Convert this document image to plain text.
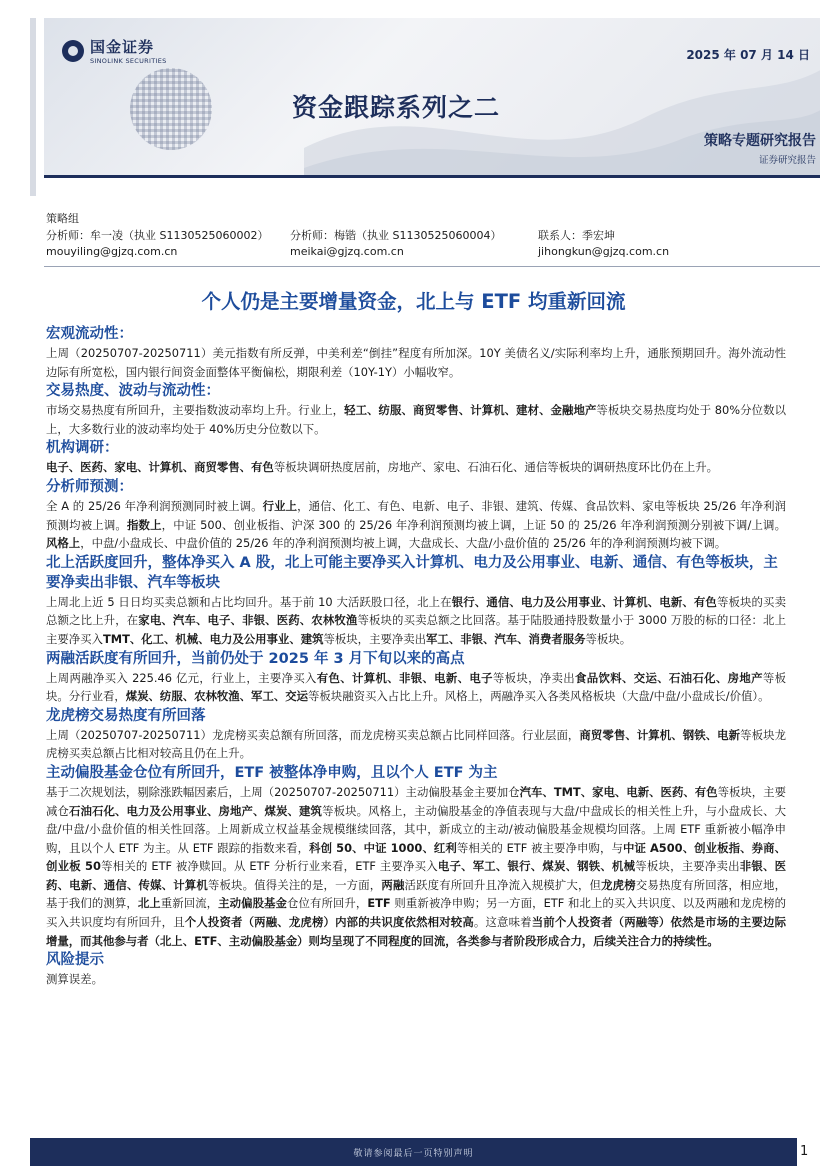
国金证券
SINOLINK SECURITIES	2025 年 07 月 14 日
资金跟踪系列之二
策略专题研究报告
证券研究报告
策略组
分析师：牟一凌（执业 S1130525060002）
mouyiling@gjzq.com.cn
分析师：梅锴（执业 S1130525060004）
meikai@gjzq.com.cn
联系人：季宏坤
jihongkun@gjzq.com.cn
个人仍是主要增量资金，北上与 ETF 均重新回流
宏观流动性：
上周（20250707-20250711）美元指数有所反弹，中美利差“倒挂”程度有所加深。10Y 美债名义/实际利率均上升，通胀预期回升。海外流动性边际有所宽松，国内银行间资金面整体平衡偏松，期限利差（10Y-1Y）小幅收窄。
交易热度、波动与流动性：
市场交易热度有所回升，主要指数波动率均上升。行业上，轻工、纺服、商贸零售、计算机、建材、金融地产等板块交易热度均处于 80%分位数以上，大多数行业的波动率均处于 40%历史分位数以下。
机构调研：
电子、医药、家电、计算机、商贸零售、有色等板块调研热度居前，房地产、家电、石油石化、通信等板块的调研热度环比仍在上升。
分析师预测：
全 A 的 25/26 年净利润预测同时被上调。行业上，通信、化工、有色、电新、电子、非银、建筑、传媒、食品饮料、家电等板块 25/26 年净利润预测均被上调。指数上，中证 500、创业板指、沪深 300 的 25/26 年净利润预测均被上调，上证 50 的 25/26 年净利润预测分别被下调/上调。风格上，中盘/小盘成长、中盘价值的 25/26 年的净利润预测均被上调，大盘成长、大盘/小盘价值的 25/26 年的净利润预测均被下调。
北上活跃度回升，整体净买入 A 股，北上可能主要净买入计算机、电力及公用事业、电新、通信、有色等板块，主要净卖出非银、汽车等板块
上周北上近 5 日日均买卖总额和占比均回升。基于前 10 大活跃股口径，北上在银行、通信、电力及公用事业、计算机、电新、有色等板块的买卖总额之比上升，在家电、汽车、电子、非银、医药、农林牧渔等板块的买卖总额之比回落。基于陆股通持股数量小于 3000 万股的标的口径：北上主要净买入TMT、化工、机械、电力及公用事业、建筑等板块，主要净卖出军工、非银、汽车、消费者服务等板块。
两融活跃度有所回升，当前仍处于 2025 年 3 月下旬以来的高点
上周两融净买入 225.46 亿元，行业上，主要净买入有色、计算机、非银、电新、电子等板块，净卖出食品饮料、交运、石油石化、房地产等板块。分行业看，煤炭、纺服、农林牧渔、军工、交运等板块融资买入占比上升。风格上，两融净买入各类风格板块（大盘/中盘/小盘成长/价值）。
龙虎榜交易热度有所回落
上周（20250707-20250711）龙虎榜买卖总额有所回落，而龙虎榜买卖总额占比同样回落。行业层面，商贸零售、计算机、钢铁、电新等板块龙虎榜买卖总额占比相对较高且仍在上升。
主动偏股基金仓位有所回升，ETF 被整体净申购，且以个人 ETF 为主
基于二次规划法，剔除涨跌幅因素后，上周（20250707-20250711）主动偏股基金主要加仓汽车、TMT、家电、电新、医药、有色等板块，主要减仓石油石化、电力及公用事业、房地产、煤炭、建筑等板块。风格上，主动偏股基金的净值表现与大盘/中盘成长的相关性上升，与小盘成长、大盘/中盘/小盘价值的相关性回落。上周新成立权益基金规模继续回落，其中，新成立的主动/被动偏股基金规模均回落。上周 ETF 重新被小幅净申购，且以个人 ETF 为主。从 ETF 跟踪的指数来看，科创 50、中证 1000、红利等相关的 ETF 被主要净申购，与中证 A500、创业板指、券商、创业板 50等相关的 ETF 被净赎回。从 ETF 分析行业来看，ETF 主要净买入电子、军工、银行、煤炭、钢铁、机械等板块，主要净卖出非银、医药、电新、通信、传媒、计算机等板块。值得关注的是，一方面，两融活跃度有所回升且净流入规模扩大，但龙虎榜交易热度有所回落，相应地，基于我们的测算，北上重新回流，主动偏股基金仓位有所回升，ETF 则重新被净申购；另一方面，ETF 和北上的买入共识度、以及两融和龙虎榜的买入共识度均有所回升，且个人投资者（两融、龙虎榜）内部的共识度依然相对较高。这意味着当前个人投资者（两融等）依然是市场的主要边际增量，而其他参与者（北上、ETF、主动偏股基金）则均呈现了不同程度的回流，各类参与者阶段形成合力，后续关注合力的持续性。
风险提示
测算误差。
敬请参阅最后一页特别声明	1
